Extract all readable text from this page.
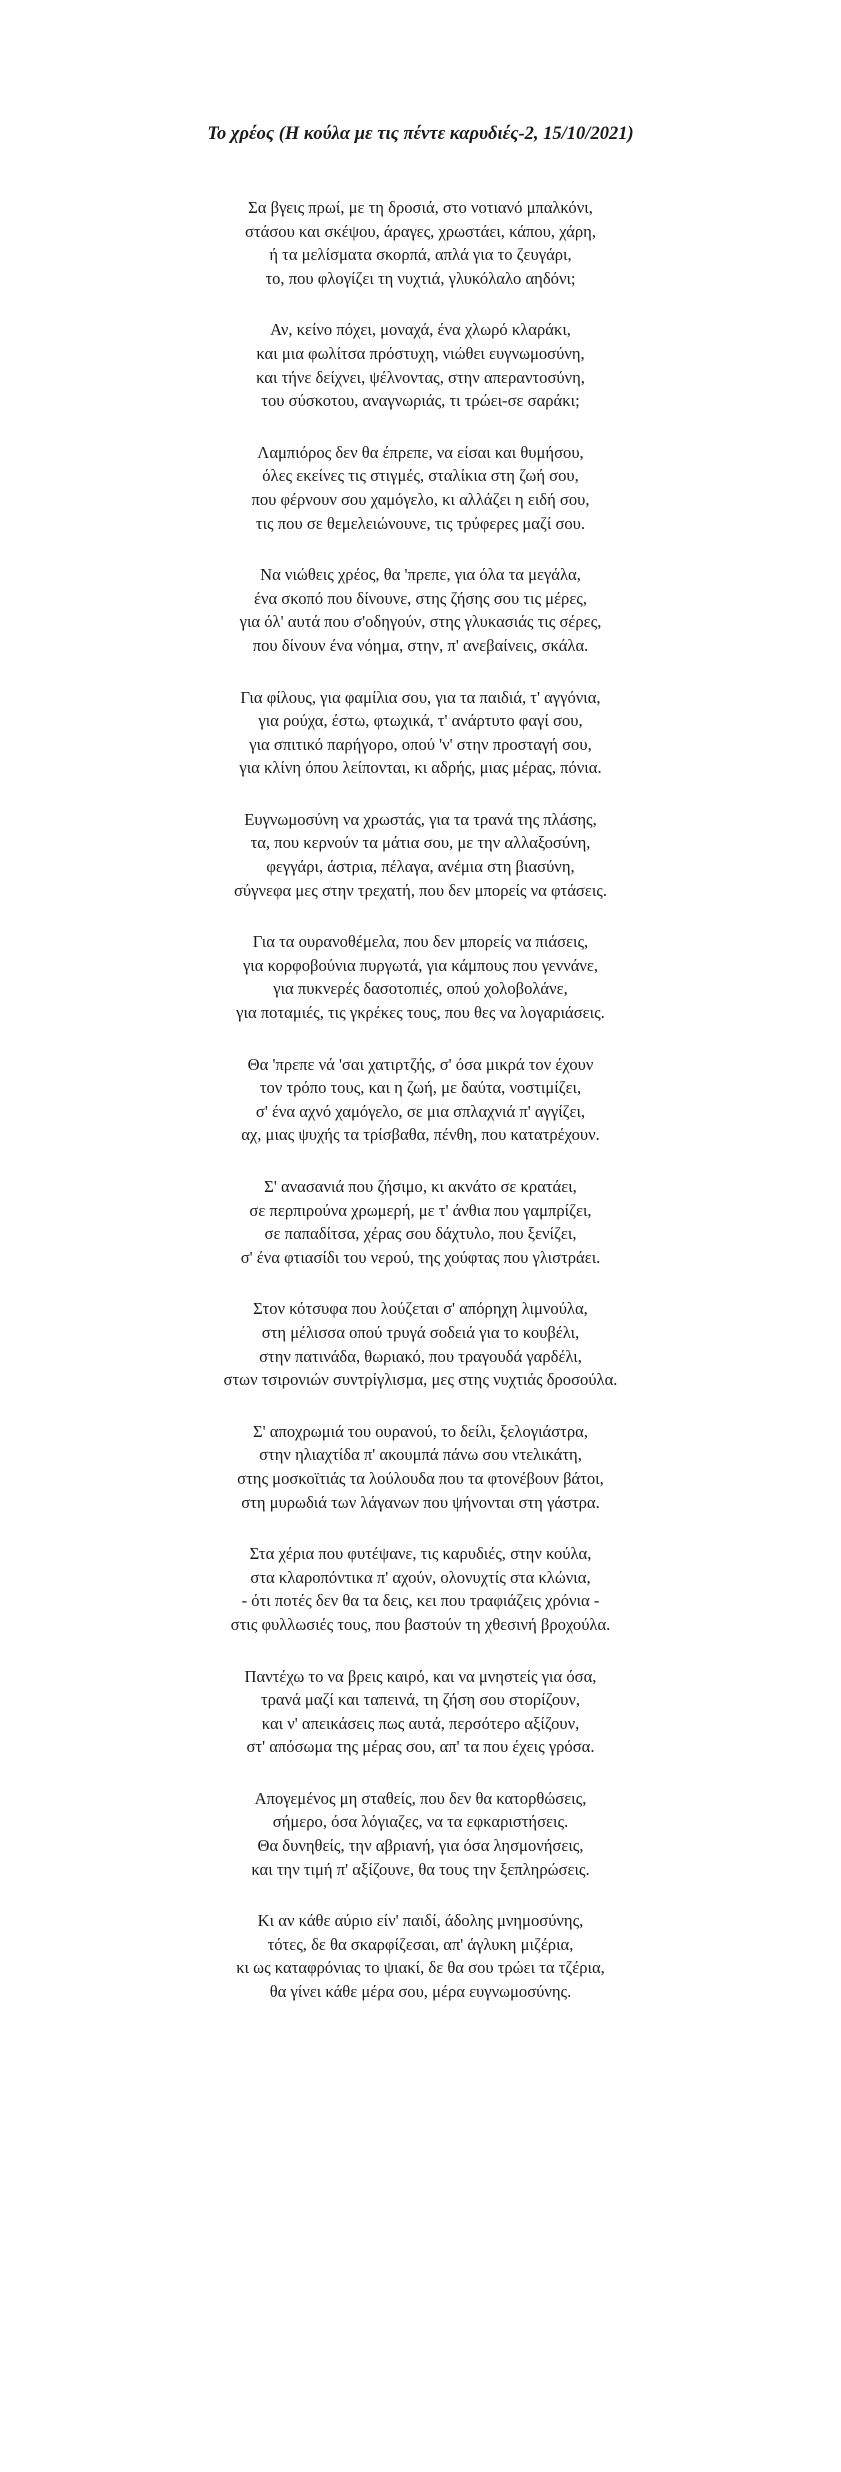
Το χρέος (Η κούλα με τις πέντε καρυδιές-2, 15/10/2021)
Σα βγεις πρωί, με τη δροσιά, στο νοτιανό μπαλκόνι,
στάσου και σκέψου, άραγες, χρωστάει, κάπου, χάρη,
ή τα μελίσματα σκορπά, απλά για το ζευγάρι,
το, που φλογίζει τη νυχτιά, γλυκόλαλο αηδόνι;
Αν, κείνο πόχει, μοναχά, ένα χλωρό κλαράκι,
και μια φωλίτσα πρόστυχη, νιώθει ευγνωμοσύνη,
και τήνε δείχνει, ψέλνοντας, στην απεραντοσύνη,
του σύσκοτου, αναγνωριάς, τι τρώει-σε σαράκι;
Λαμπιόρος δεν θα έπρεπε, να είσαι και θυμήσου,
όλες εκείνες τις στιγμές, σταλίκια στη ζωή σου,
που φέρνουν σου χαμόγελο, κι αλλάζει η ειδή σου,
τις που σε θεμελειώνουνε, τις τρύφερες μαζί σου.
Να νιώθεις χρέος, θα 'πρεπε, για όλα τα μεγάλα,
ένα σκοπό που δίνουνε, στης ζήσης σου τις μέρες,
για όλ' αυτά που σ'οδηγούν, στης γλυκασιάς τις σέρες,
που δίνουν ένα νόημα, στην, π' ανεβαίνεις, σκάλα.
Για φίλους, για φαμίλια σου, για τα παιδιά, τ' αγγόνια,
για ρούχα, έστω, φτωχικά, τ' ανάρτυτο φαγί σου,
για σπιτικό παρήγορο, οπού 'ν' στην προσταγή σου,
για κλίνη όπου λείπονται, κι αδρής, μιας μέρας, πόνια.
Ευγνωμοσύνη να χρωστάς, για τα τρανά της πλάσης,
τα, που κερνούν τα μάτια σου, με την αλλαξοσύνη,
φεγγάρι, άστρια, πέλαγα, ανέμια στη βιασύνη,
σύγνεφα μες στην τρεχατή, που δεν μπορείς να φτάσεις.
Για τα ουρανοθέμελα, που δεν μπορείς να πιάσεις,
για κορφοβούνια πυργωτά, για κάμπους που γεννάνε,
για πυκνερές δασοτοπιές, οπού χολοβολάνε,
για ποταμιές, τις γκρέκες τους, που θες να λογαριάσεις.
Θα 'πρεπε νά 'σαι χατιρτζής, σ' όσα μικρά τον έχουν
τον τρόπο τους, και η ζωή, με δαύτα, νοστιμίζει,
σ' ένα αχνό χαμόγελο, σε μια σπλαχνιά π' αγγίζει,
αχ, μιας ψυχής τα τρίσβαθα, πένθη, που κατατρέχουν.
Σ' ανασανιά που ζήσιμο, κι ακνάτο σε κρατάει,
σε περπιρούνα χρωμερή, με τ' άνθια που γαμπρίζει,
σε παπαδίτσα, χέρας σου δάχτυλο, που ξενίζει,
σ' ένα φτιασίδι του νερού, της χούφτας που γλιστράει.
Στον κότσυφα που λούζεται σ' απόρηχη λιμνούλα,
στη μέλισσα οπού τρυγά σοδειά για το κουβέλι,
στην πατινάδα, θωριακό, που τραγουδά γαρδέλι,
στων τσιρονιών συντρίγλισμα, μες στης νυχτιάς δροσούλα.
Σ' αποχρωμιά του ουρανού, το δείλι, ξελογιάστρα,
στην ηλιαχτίδα π' ακουμπά πάνω σου ντελικάτη,
στης μοσκοϊτιάς τα λούλουδα που τα φτονέβουν βάτοι,
στη μυρωδιά των λάγανων που ψήνονται στη γάστρα.
Στα χέρια που φυτέψανε, τις καρυδιές, στην κούλα,
στα κλαροπόντικα π' αχούν, ολονυχτίς στα κλώνια,
- ότι ποτές δεν θα τα δεις, κει που τραφιάζεις χρόνια -
στις φυλλωσιές τους, που βαστούν τη χθεσινή βροχούλα.
Παντέχω το να βρεις καιρό, και να μνηστείς για όσα,
τρανά μαζί και ταπεινά, τη ζήση σου στορίζουν,
και ν' απεικάσεις πως αυτά, περσότερο αξίζουν,
στ' απόσωμα της μέρας σου, απ' τα που έχεις γρόσα.
Απογεμένος μη σταθείς, που δεν θα κατορθώσεις,
σήμερο, όσα λόγιαζες, να τα εφκαριστήσεις.
Θα δυνηθείς, την αβριανή, για όσα λησμονήσεις,
και την τιμή π' αξίζουνε, θα τους την ξεπληρώσεις.
Κι αν κάθε αύριο είν' παιδί, άδολης μνημοσύνης,
τότες, δε θα σκαρφίζεσαι, απ' άγλυκη μιζέρια,
κι ως καταφρόνιας το ψιακί, δε θα σου τρώει τα τζέρια,
θα γίνει κάθε μέρα σου, μέρα ευγνωμοσύνης.
